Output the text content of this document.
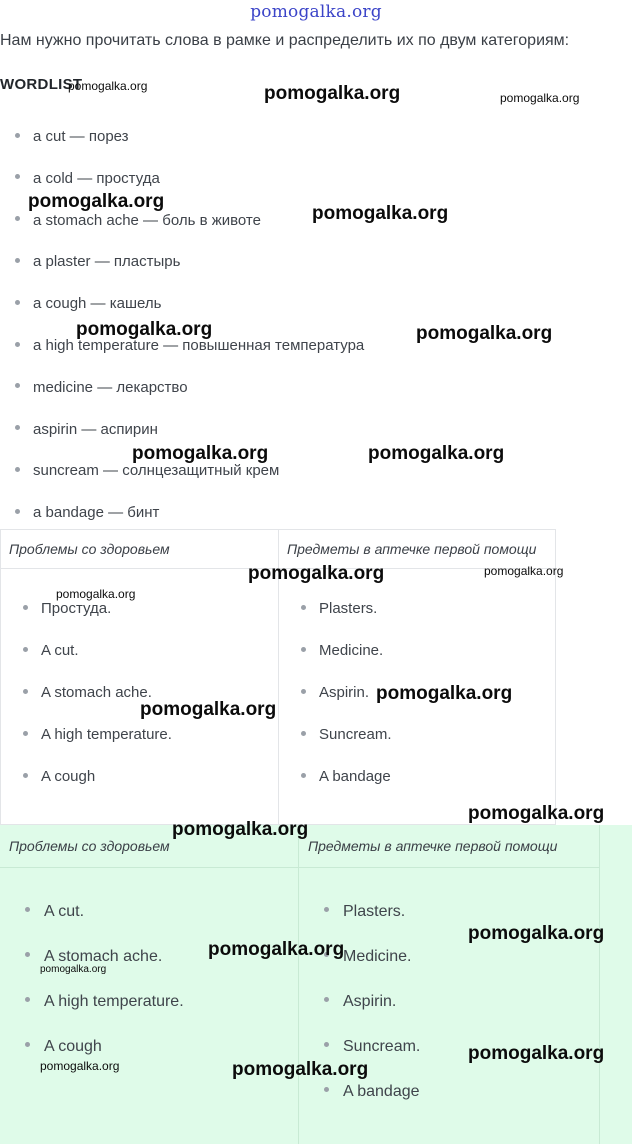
pomogalka.org
Нам нужно прочитать слова в рамке и распределить их по двум категориям:
WORDLIST
a cut — порез
a cold — простуда
a stomach ache — боль в животе
a plaster — пластырь
a cough — кашель
a high temperature — повышенная температура
medicine — лекарство
aspirin — аспирин
suncream — солнцезащитный крем
a bandage — бинт
Проблемы со здоровьем	Предметы в аптечке первой помощи
Простуда.
A cut.
A stomach ache.
A high temperature.
A cough
Plasters.
Medicine.
Aspirin.
Suncream.
A bandage
Проблемы со здоровьем	Предметы в аптечке первой помощи
A cut.
A stomach ache.
A high temperature.
A cough
Plasters.
Medicine.
Aspirin.
Suncream.
A bandage
pomogalka.org	pomogalka.org	pomogalka.org
pomogalka.org
pomogalka.org
pomogalka.org	pomogalka.org
pomogalka.org	pomogalka.org
pomogalka.org	pomogalka.org
pomogalka.org
pomogalka.org
pomogalka.org
pomogalka.org
pomogalka.org
pomogalka.org
pomogalka.org
pomogalka.org
pomogalka.org
pomogalka.org	pomogalka.org
